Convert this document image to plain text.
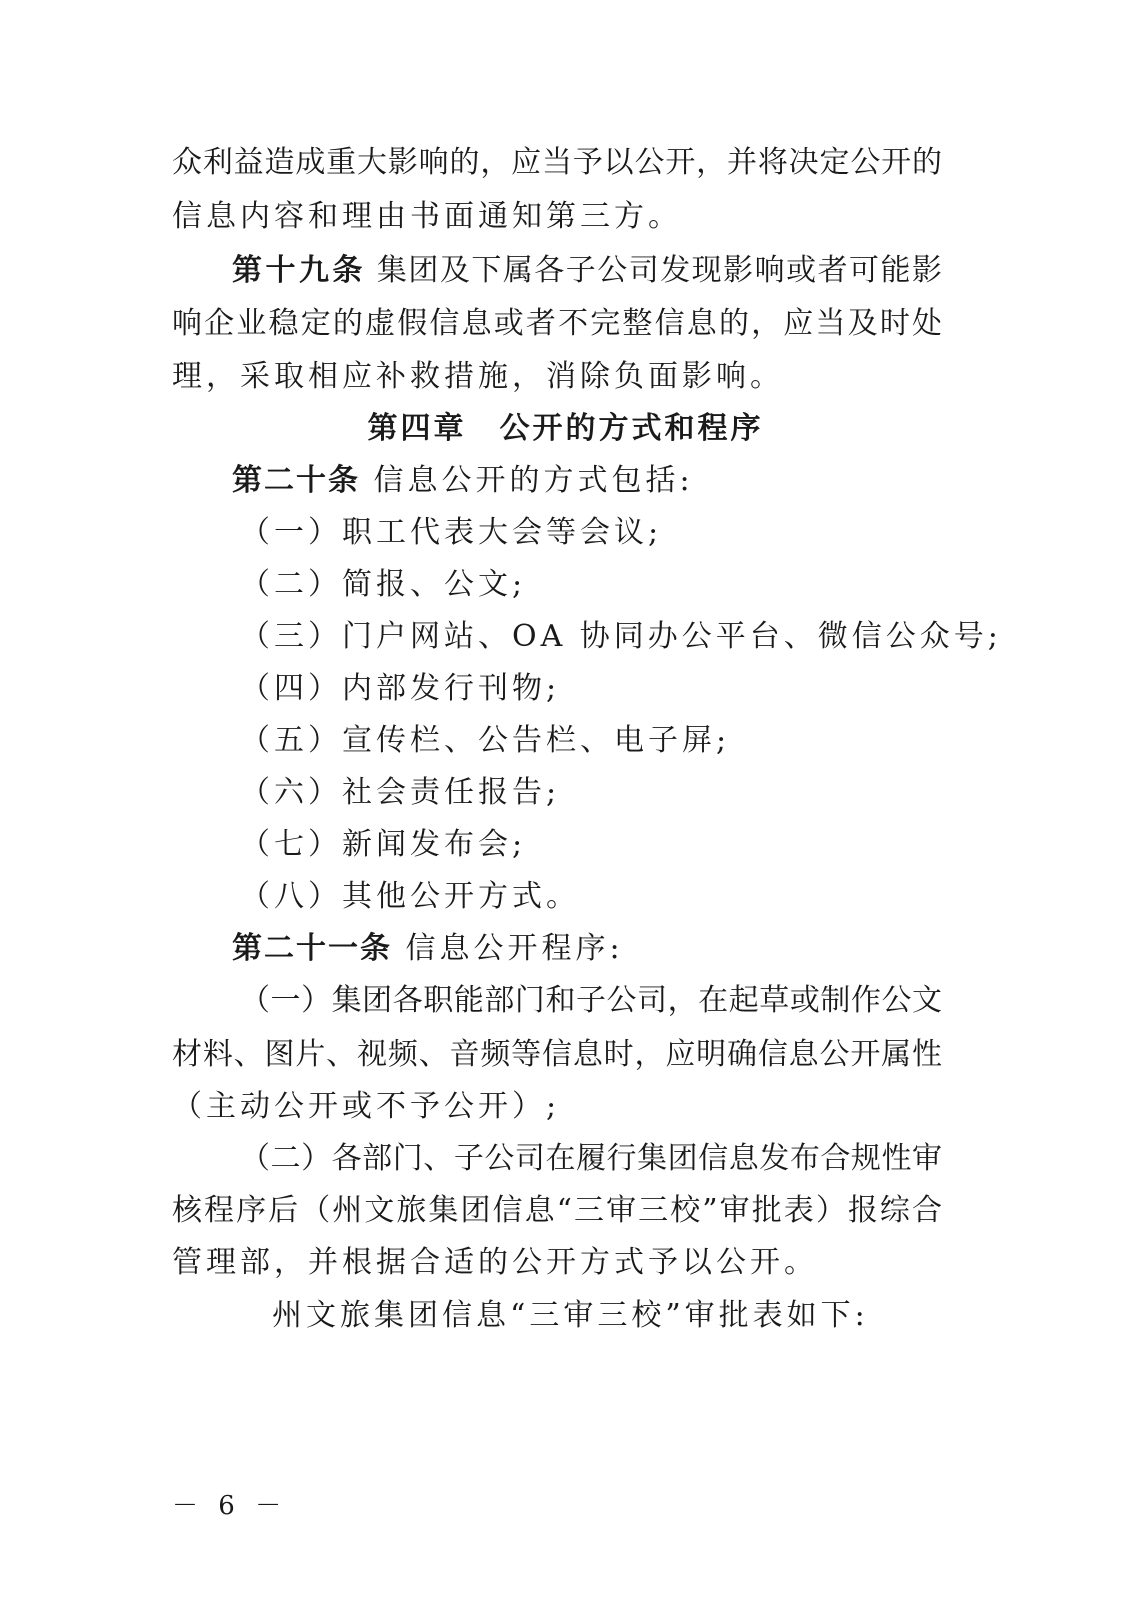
众利益造成重大影响的，应当予以公开，并将决定公开的
信息内容和理由书面通知第三方。
第十九条 集团及下属各子公司发现影响或者可能影
响企业稳定的虚假信息或者不完整信息的，应当及时处
理，采取相应补救措施，消除负面影响。
第四章　公开的方式和程序
第二十条 信息公开的方式包括:
（一）职工代表大会等会议;
（二）简报、公文;
（三）门户网站、OA 协同办公平台、微信公众号;
（四）内部发行刊物;
（五）宣传栏、公告栏、电子屏;
（六）社会责任报告;
（七）新闻发布会;
（八）其他公开方式。
第二十一条 信息公开程序:
（一）集团各职能部门和子公司，在起草或制作公文
材料、图片、视频、音频等信息时，应明确信息公开属性
（主动公开或不予公开）;
（二）各部门、子公司在履行集团信息发布合规性审
核程序后（州文旅集团信息“三审三校”审批表）报综合
管理部，并根据合适的公开方式予以公开。
州文旅集团信息“三审三校”审批表如下:
－ 6 －
